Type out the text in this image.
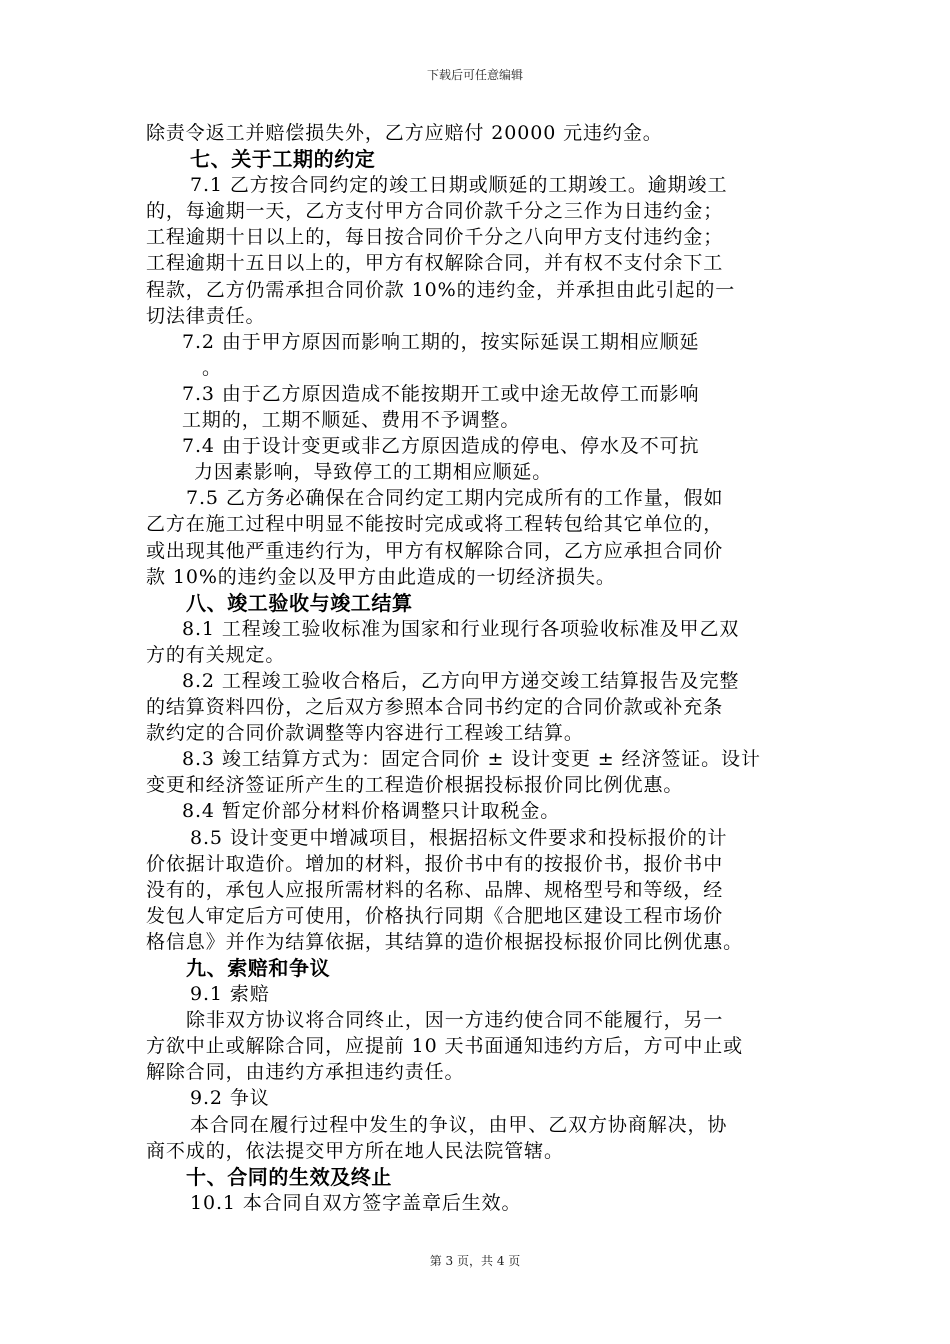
下载后可任意编辑
除责令返工并赔偿损失外，乙方应赔付 20000 元违约金。
七、关于工期的约定
7.1 乙方按合同约定的竣工日期或顺延的工期竣工。逾期竣工
的，每逾期一天，乙方支付甲方合同价款千分之三作为日违约金；
工程逾期十日以上的，每日按合同价千分之八向甲方支付违约金；
工程逾期十五日以上的，甲方有权解除合同，并有权不支付余下工
程款，乙方仍需承担合同价款 10%的违约金，并承担由此引起的一
切法律责任。
7.2 由于甲方原因而影响工期的，按实际延误工期相应顺延
。
7.3 由于乙方原因造成不能按期开工或中途无故停工而影响
工期的，工期不顺延、费用不予调整。
7.4 由于设计变更或非乙方原因造成的停电、停水及不可抗
力因素影响，导致停工的工期相应顺延。
7.5 乙方务必确保在合同约定工期内完成所有的工作量，假如
乙方在施工过程中明显不能按时完成或将工程转包给其它单位的，
或出现其他严重违约行为，甲方有权解除合同，乙方应承担合同价
款 10%的违约金以及甲方由此造成的一切经济损失。
八、竣工验收与竣工结算
8.1 工程竣工验收标准为国家和行业现行各项验收标准及甲乙双
方的有关规定。
8.2 工程竣工验收合格后，乙方向甲方递交竣工结算报告及完整
的结算资料四份，之后双方参照本合同书约定的合同价款或补充条
款约定的合同价款调整等内容进行工程竣工结算。
8.3 竣工结算方式为：固定合同价 ± 设计变更 ± 经济签证。设计
变更和经济签证所产生的工程造价根据投标报价同比例优惠。
8.4 暂定价部分材料价格调整只计取税金。
8.5 设计变更中增减项目，根据招标文件要求和投标报价的计
价依据计取造价。增加的材料，报价书中有的按报价书，报价书中
没有的，承包人应报所需材料的名称、品牌、规格型号和等级，经
发包人审定后方可使用，价格执行同期《合肥地区建设工程市场价
格信息》并作为结算依据，其结算的造价根据投标报价同比例优惠。
九、索赔和争议
9.1 索赔
除非双方协议将合同终止，因一方违约使合同不能履行，另一
方欲中止或解除合同，应提前 10 天书面通知违约方后，方可中止或
解除合同，由违约方承担违约责任。
9.2 争议
本合同在履行过程中发生的争议，由甲、乙双方协商解决，协
商不成的，依法提交甲方所在地人民法院管辖。
十、合同的生效及终止
10.1 本合同自双方签字盖章后生效。
第 3 页，共 4 页
